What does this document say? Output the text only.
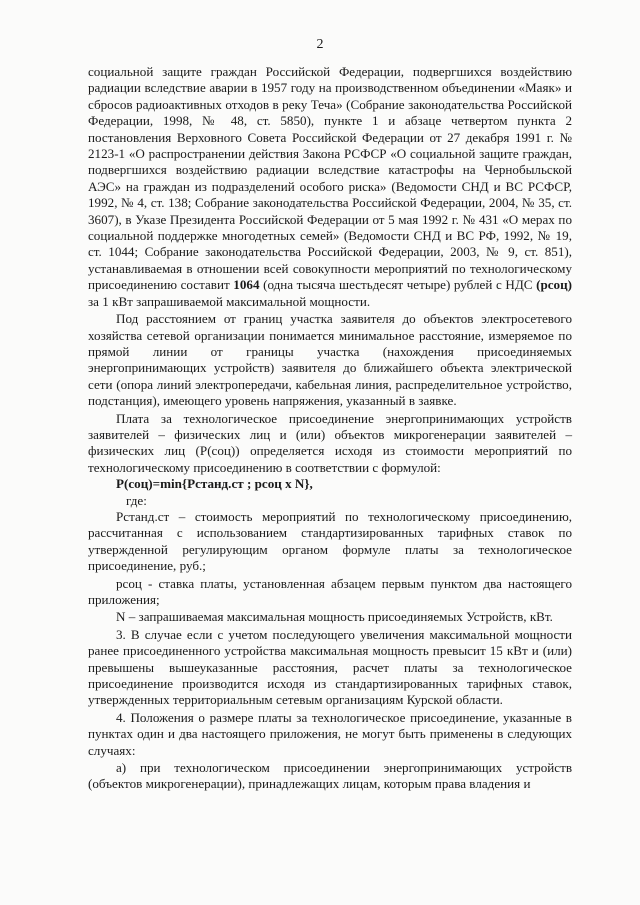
2

социальной защите граждан Российской Федерации, подвергшихся воздействию радиации вследствие аварии в 1957 году на производственном объединении «Маяк» и сбросов радиоактивных отходов в реку Теча» (Собрание законодательства Российской Федерации, 1998, № 48, ст. 5850), пункте 1 и абзаце четвертом пункта 2 постановления Верховного Совета Российской Федерации от 27 декабря 1991 г. № 2123-1 «О распространении действия Закона РСФСР «О социальной защите граждан, подвергшихся воздействию радиации вследствие катастрофы на Чернобыльской АЭС» на граждан из подразделений особого риска» (Ведомости СНД и ВС РСФСР, 1992, № 4, ст. 138; Собрание законодательства Российской Федерации, 2004, № 35, ст. 3607), в Указе Президента Российской Федерации от 5 мая 1992 г. № 431 «О мерах по социальной поддержке многодетных семей» (Ведомости СНД и ВС РФ, 1992, № 19, ст. 1044; Собрание законодательства Российской Федерации, 2003, № 9, ст. 851), устанавливаемая в отношении всей совокупности мероприятий по технологическому присоединению составит 1064 (одна тысяча шестьдесят четыре) рублей с НДС (рсоц) за 1 кВт запрашиваемой максимальной мощности.

Под расстоянием от границ участка заявителя до объектов электросетевого хозяйства сетевой организации понимается минимальное расстояние, измеряемое по прямой линии от границы участка (нахождения присоединяемых энергопринимающих устройств) заявителя до ближайшего объекта электрической сети (опора линий электропередачи, кабельная линия, распределительное устройство, подстанция), имеющего уровень напряжения, указанный в заявке.

Плата за технологическое присоединение энергопринимающих устройств заявителей – физических лиц и (или) объектов микрогенерации заявителей – физических лиц (Р(соц)) определяется исходя из стоимости мероприятий по технологическому присоединению в соответствии с формулой:

Р(соц)=min{Рстанд.ст ; рсоц х N},

где:

Рстанд.ст – стоимость мероприятий по технологическому присоединению, рассчитанная с использованием стандартизированных тарифных ставок по утвержденной регулирующим органом формуле платы за технологическое присоединение, руб.;

рсоц - ставка платы, установленная абзацем первым пунктом два настоящего приложения;

N – запрашиваемая максимальная мощность присоединяемых Устройств, кВт.

3. В случае если с учетом последующего увеличения максимальной мощности ранее присоединенного устройства максимальная мощность превысит 15 кВт и (или) превышены вышеуказанные расстояния, расчет платы за технологическое присоединение производится исходя из стандартизированных тарифных ставок, утвержденных территориальным сетевым организациям Курской области.

4. Положения о размере платы за технологическое присоединение, указанные в пунктах один и два настоящего приложения, не могут быть применены в следующих случаях:

а) при технологическом присоединении энергопринимающих устройств (объектов микрогенерации), принадлежащих лицам, которым права владения и
